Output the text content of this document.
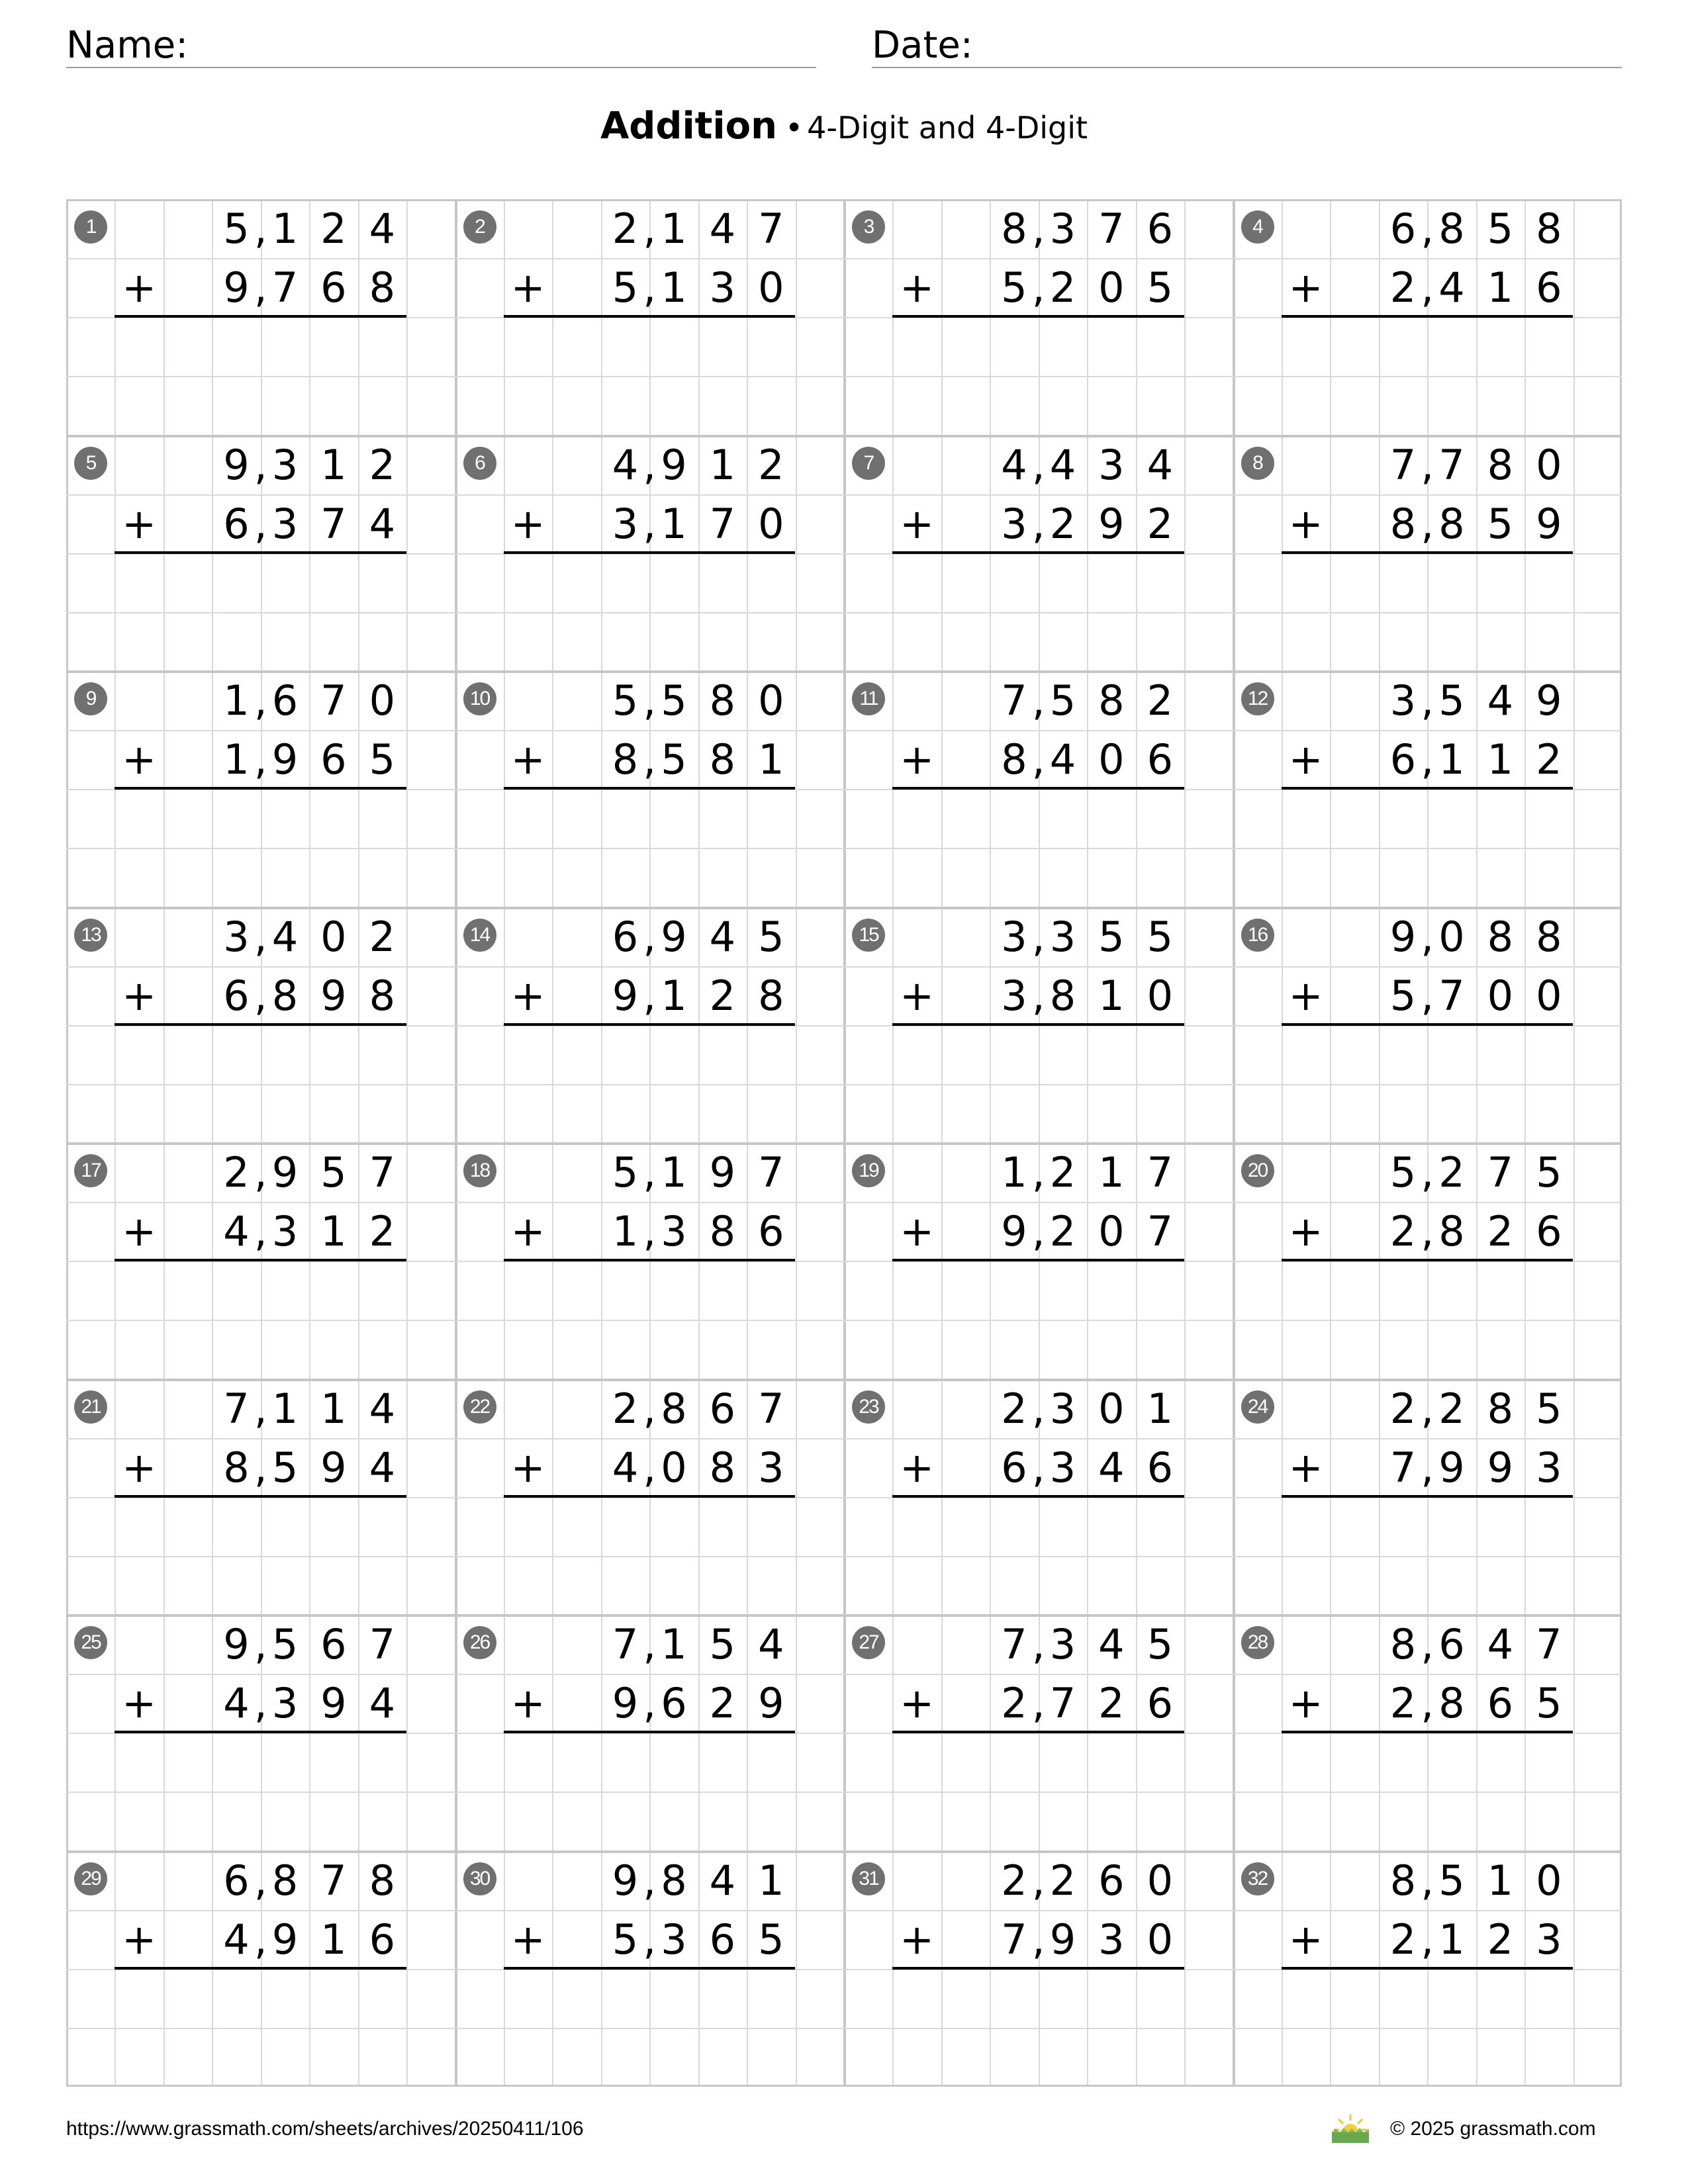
Name:	Date:
Addition • 4-Digit and 4-Digit
1	5 1 2 4
,
9 7 6 8
,
+
2	2 1 4 7
,
5 1 3 0
,
+
3	8 3 7 6
,
5 2 0 5
,
+
4	6 8 5 8
,
2 4 1 6
,
+
5	9 3 1 2
,
6 3 7 4
,
+
6	4 9 1 2
,
3 1 7 0
,
+
7	4 4 3 4
,
3 2 9 2
,
+
8	7 7 8 0
,
8 8 5 9
,
+
9	1 6 7 0
,
1 9 6 5
,
+
10	5 5 8 0
,
8 5 8 1
,
+
11	7 5 8 2
,
8 4 0 6
,
+
12	3 5 4 9
,
6 1 1 2
,
+
13	3 4 0 2
,
6 8 9 8
,
+
14	6 9 4 5
,
9 1 2 8
,
+
15	3 3 5 5
,
3 8 1 0
,
+
16	9 0 8 8
,
5 7 0 0
,
+
17	2 9 5 7
,
4 3 1 2
,
+
18	5 1 9 7
,
1 3 8 6
,
+
19	1 2 1 7
,
9 2 0 7
,
+
20	5 2 7 5
,
2 8 2 6
,
+
21	7 1 1 4
,
8 5 9 4
,
+
22	2 8 6 7
,
4 0 8 3
,
+
23	2 3 0 1
,
6 3 4 6
,
+
24	2 2 8 5
,
7 9 9 3
,
+
25	9 5 6 7
,
4 3 9 4
,
+
26	7 1 5 4
,
9 6 2 9
,
+
27	7 3 4 5
,
2 7 2 6
,
+
28	8 6 4 7
,
2 8 6 5
,
+
29	6 8 7 8
,
4 9 1 6
,
+
30	9 8 4 1
,
5 3 6 5
,
+
31	2 2 6 0
,
7 9 3 0
,
+
32	8 5 1 0
,
2 1 2 3
,
+
https://www.grassmath.com/sheets/archives/20250411/106	© 2025 grassmath.com
